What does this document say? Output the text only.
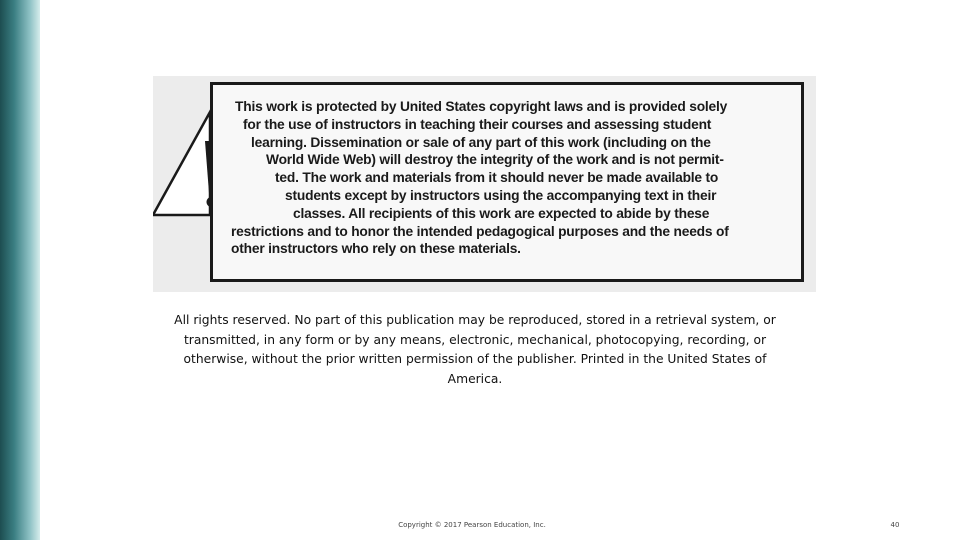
This work is protected by United States copyright laws and is provided solely
for the use of instructors in teaching their courses and assessing student
learning. Dissemination or sale of any part of this work (including on the
World Wide Web) will destroy the integrity of the work and is not permit-
ted. The work and materials from it should never be made available to
students except by instructors using the accompanying text in their
classes. All recipients of this work are expected to abide by these
restrictions and to honor the intended pedagogical purposes and the needs of
other instructors who rely on these materials.

All rights reserved. No part of this publication may be reproduced, stored in a retrieval system, or transmitted, in any form or by any means, electronic, mechanical, photocopying, recording, or otherwise, without the prior written permission of the publisher. Printed in the United States of America.

Copyright © 2017 Pearson Education, Inc.	40
